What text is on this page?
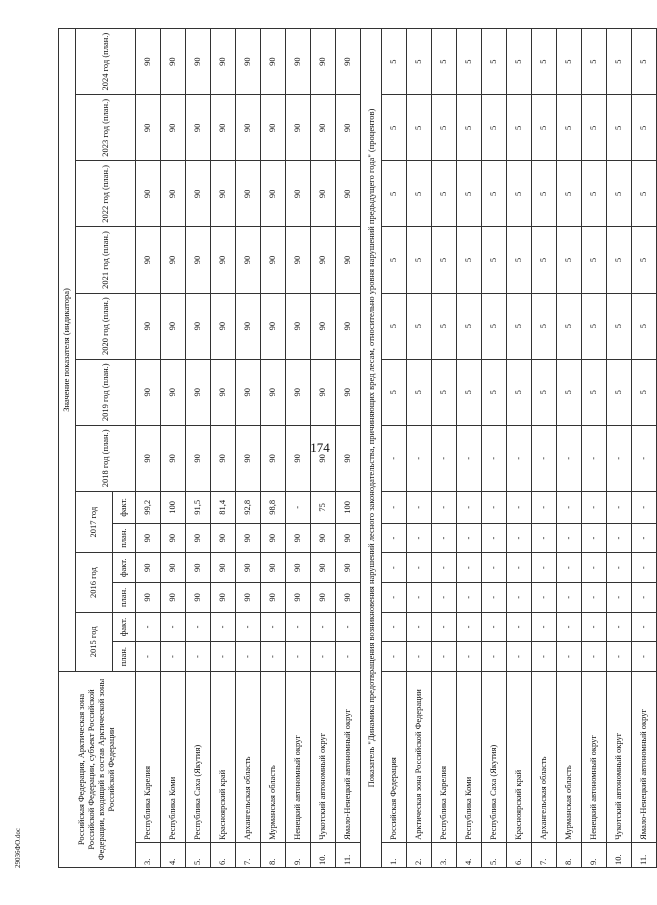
174
Российская Федерация, Арктическая зона Российской Федерации, субъект Российской Федерации, входящий в состав Арктической зоны Российской Федерации		Значение показателя (индикатора)												
		2015 год		2016 год		2017 год		2018 год (план.)	2019 год (план.)	2020 год (план.)	2021 год (план.)	2022 год (план.)	2023 год (план.)	2024 год (план.)
		план.	факт.	план.	факт.	план.	факт.							
3.	Республика Карелия	-	-	90	90	90	99,2	90	90	90	90	90	90	90
4.	Республика Коми	-	-	90	90	90	100	90	90	90	90	90	90	90
5.	Республика Саха (Якутия)	-	-	90	90	90	91,5	90	90	90	90	90	90	90
6.	Красноярский край	-	-	90	90	90	81,4	90	90	90	90	90	90	90
7.	Архангельская область	-	-	90	90	90	92,8	90	90	90	90	90	90	90
8.	Мурманская область	-	-	90	90	90	98,8	90	90	90	90	90	90	90
9.	Ненецкий автономный округ	-	-	90	90	90	-	90	90	90	90	90	90	90
10.	Чукотский автономный округ	-	-	90	90	90	75	90	90	90	90	90	90	90
11.	Ямало-Ненецкий автономный округ	-	-	90	90	90	100	90	90	90	90	90	90	90
Показатель "Динамика предотвращения возникновения нарушений лесного законодательства, причиняющих вред лесам, относительно уровня нарушений предыдущего года" (процентов)														
1.	Российская Федерация	-	-	-	-	-	-	-	5	5	5	5	5	5
2.	Арктическая зона Российской Федерации	-	-	-	-	-	-	-	5	5	5	5	5	5
3.	Республика Карелия	-	-	-	-	-	-	-	5	5	5	5	5	5
4.	Республика Коми	-	-	-	-	-	-	-	5	5	5	5	5	5
5.	Республика Саха (Якутия)	-	-	-	-	-	-	-	5	5	5	5	5	5
6.	Красноярский край	-	-	-	-	-	-	-	5	5	5	5	5	5
7.	Архангельская область	-	-	-	-	-	-	-	5	5	5	5	5	5
8.	Мурманская область	-	-	-	-	-	-	-	5	5	5	5	5	5
9.	Ненецкий автономный округ	-	-	-	-	-	-	-	5	5	5	5	5	5
10.	Чукотский автономный округ	-	-	-	-	-	-	-	5	5	5	5	5	5
11.	Ямало-Ненецкий автономный округ	-	-	-	-	-	-	-	5	5	5	5	5	5
29036ФО.doc
